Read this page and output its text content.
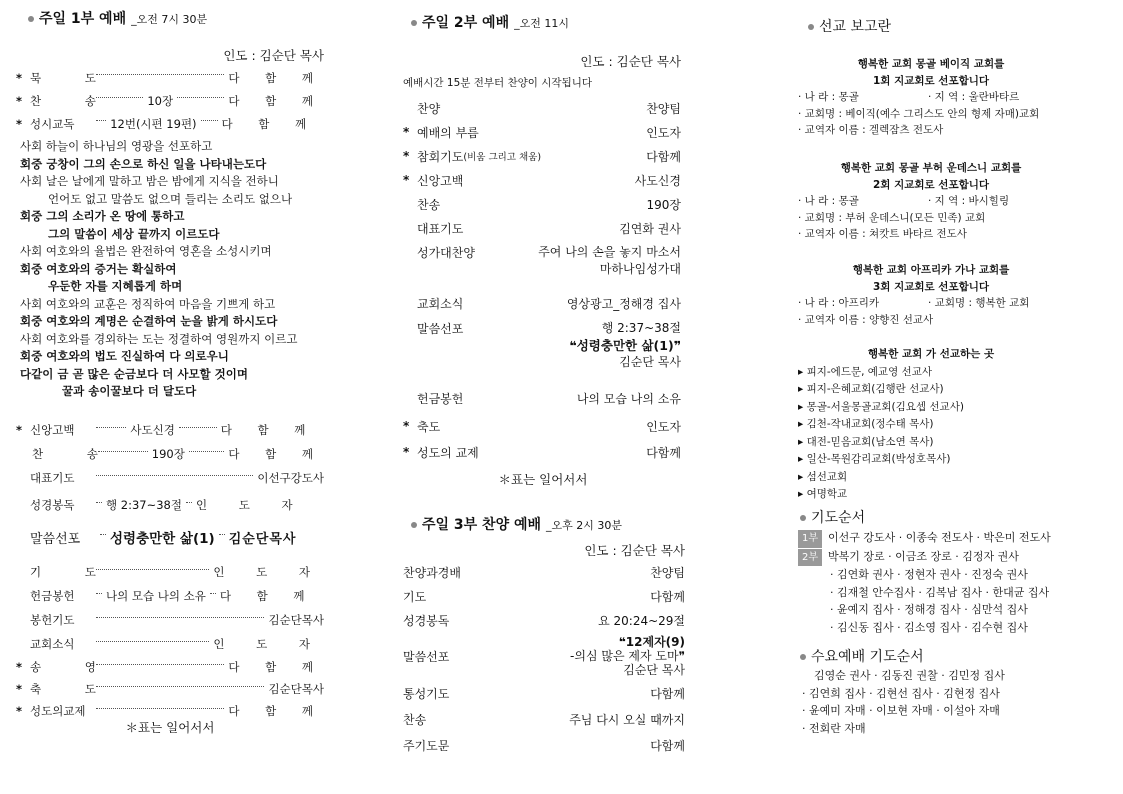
주일 1부 예배 _오전 7시 30분
인도 : 김순단 목사
* 묵 도	다 함 께
* 찬 송	10장	다 함 께
* 성시교독	12번(시편 19편) 다 함 께
사회 하늘이 하나님의 영광을 선포하고
회중 궁창이 그의 손으로 하신 일을 나타내는도다
사회 날은 날에게 말하고 밤은 밤에게 지식을 전하니
언어도 없고 말씀도 없으며 들리는 소리도 없으나
회중 그의 소리가 온 땅에 통하고
그의 말씀이 세상 끝까지 이르도다
사회 여호와의 율법은 완전하여 영혼을 소성시키며
회중 여호와의 증거는 확실하여
우둔한 자를 지혜롭게 하며
사회 여호와의 교훈은 정직하여 마음을 기쁘게 하고
회중 여호와의 계명은 순결하여 눈을 밝게 하시도다
사회 여호와를 경외하는 도는 정결하여 영원까지 이르고
회중 여호와의 법도 진실하여 다 의로우니
다같이 금 곧 많은 순금보다 더 사모할 것이며
꿀과 송이꿀보다 더 달도다
* 신앙고백	사도신경	다 함 께
찬 송	190장	다 함 께
대표기도	이선구강도사
성경봉독	행 2:37~38절 인 도 자
말씀선포	성령충만한 삶(1) 김순단목사
기 도	인 도 자
헌금봉헌	나의 모습 나의 소유 다 함 께
봉헌기도	김순단목사
교회소식	인 도 자
* 송 영	다 함 께
* 축 도	김순단목사
* 성도의교제	다 함 께
＊표는 일어서서
주일 2부 예배 _오전 11시
인도 : 김순단 목사
예배시간 15분 전부터 찬양이 시작됩니다
찬양	찬양팀
* 예배의 부름	인도자
* 참회기도 (비움 그리고 채움)	다함께
* 신앙고백	사도신경
찬송	190장
대표기도	김연화 권사
성가대찬양	주여 나의 손을 놓지 마소서
마하나임성가대
교회소식	영상광고_정해경 집사
말씀선포	행 2:37~38절
❝성령충만한 삶(1)❞
김순단 목사
헌금봉헌	나의 모습 나의 소유
* 축도	인도자
* 성도의 교제	다함께
＊표는 일어서서
주일 3부 찬양 예배 _오후 2시 30분
인도 : 김순단 목사
찬양과경배	찬양팀
기도	다함께
성경봉독	요 20:24~29절
말씀선포
❝12제자(9)
-의심 많은 제자 도마❞
김순단 목사
통성기도	다함께
찬송	주님 다시 오실 때까지
주기도문	다함께
선교 보고란

행복한 교회 몽골 베이직 교회를

1회 지교회로 선포합니다

· 나 라 : 몽골	· 지 역 : 울란바타르

· 교회명 : 베이직(예수 그리스도 안의 형제 자매)교회

· 교역자 이름 : 겔렉잠츠 전도사

행복한 교회 몽골 부허 운데스니 교회를

2회 지교회로 선포합니다

· 나 라 : 몽골	· 지 역 : 바시힐링

· 교회명 : 부허 운데스니(모든 민족) 교회

· 교역자 이름 : 쳐캇트 바타르 전도사

행복한 교회 아프리카 가나 교회를

3회 지교회로 선포합니다

· 나 라 : 아프리카	· 교회명 : 행복한 교회

· 교역자 이름 : 양향진 선교사

행복한 교회 가 선교하는 곳

▸ 피지-에드문, 예교영 선교사

▸ 피지-은혜교회(김행란 선교사)

▸ 몽골-서울몽골교회(김요셉 선교사)

▸ 김천-작내교회(정수태 목사)

▸ 대전-믿음교회(남소연 목사)

▸ 일산-목원감리교회(박성호목사)

▸ 섬선교회

▸ 여명학교

기도순서

1부 이선구 강도사 · 이종숙 전도사 · 박은미 전도사

2부 박복기 장로 · 이금조 장로 · 김정자 권사

· 김연화 권사 · 정현자 권사 · 진정숙 권사

· 김재철 안수집사 · 김복남 집사 · 한대균 집사

· 윤예지 집사 · 정해경 집사 · 심만석 집사

· 김신동 집사 · 김소영 집사 · 김수현 집사

수요예배 기도순서

김영순 권사 · 김동진 권찰 · 김민정 집사

· 김연희 집사 · 김현선 집사 · 김현정 집사

· 윤예미 자매 · 이보현 자매 · 이설아 자매

· 전회란 자매
